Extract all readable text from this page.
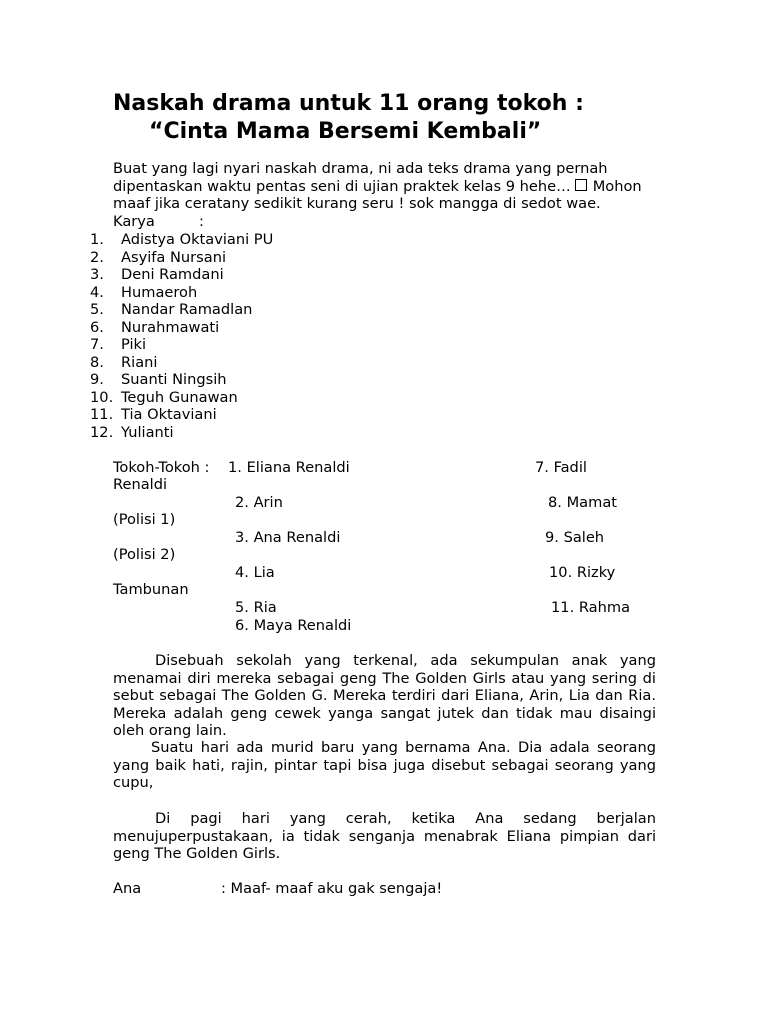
Naskah drama untuk 11 orang tokoh :
“Cinta Mama Bersemi Kembali”

Buat yang lagi nyari naskah drama, ni ada teks drama yang pernah dipentaskan waktu pentas seni di ujian praktek kelas 9 hehe… Mohon maaf jika ceratany sedikit kurang seru ! sok mangga di sedot wae.

Karya	:
1. Adistya Oktaviani PU
2. Asyifa Nursani
3. Deni Ramdani
4. Humaeroh
5. Nandar Ramadlan
6. Nurahmawati
7. Piki
8. Riani
9. Suanti Ningsih
10. Teguh Gunawan
11. Tia Oktaviani
12. Yulianti
Tokoh-Tokoh : 1. Eliana Renaldi	7. Fadil
Renaldi
2. Arin	8. Mamat
(Polisi 1)
3. Ana Renaldi	9. Saleh
(Polisi 2)
4. Lia	10. Rizky
Tambunan
5. Ria	11. Rahma
6. Maya Renaldi

Disebuah sekolah yang terkenal, ada sekumpulan anak yang menamai diri mereka sebagai geng The Golden Girls atau yang sering di sebut sebagai The Golden G. Mereka terdiri dari Eliana, Arin, Lia dan Ria. Mereka adalah geng cewek yanga sangat jutek dan tidak mau disaingi oleh orang lain.

Suatu hari ada murid baru yang bernama Ana. Dia adala seorang yang baik hati, rajin, pintar tapi bisa juga disebut sebagai seorang yang cupu,

Di pagi hari yang cerah, ketika Ana sedang berjalan menujuperpustakaan, ia tidak senganja menabrak Eliana pimpian dari geng The Golden Girls.

Ana	: Maaf- maaf aku gak sengaja!
